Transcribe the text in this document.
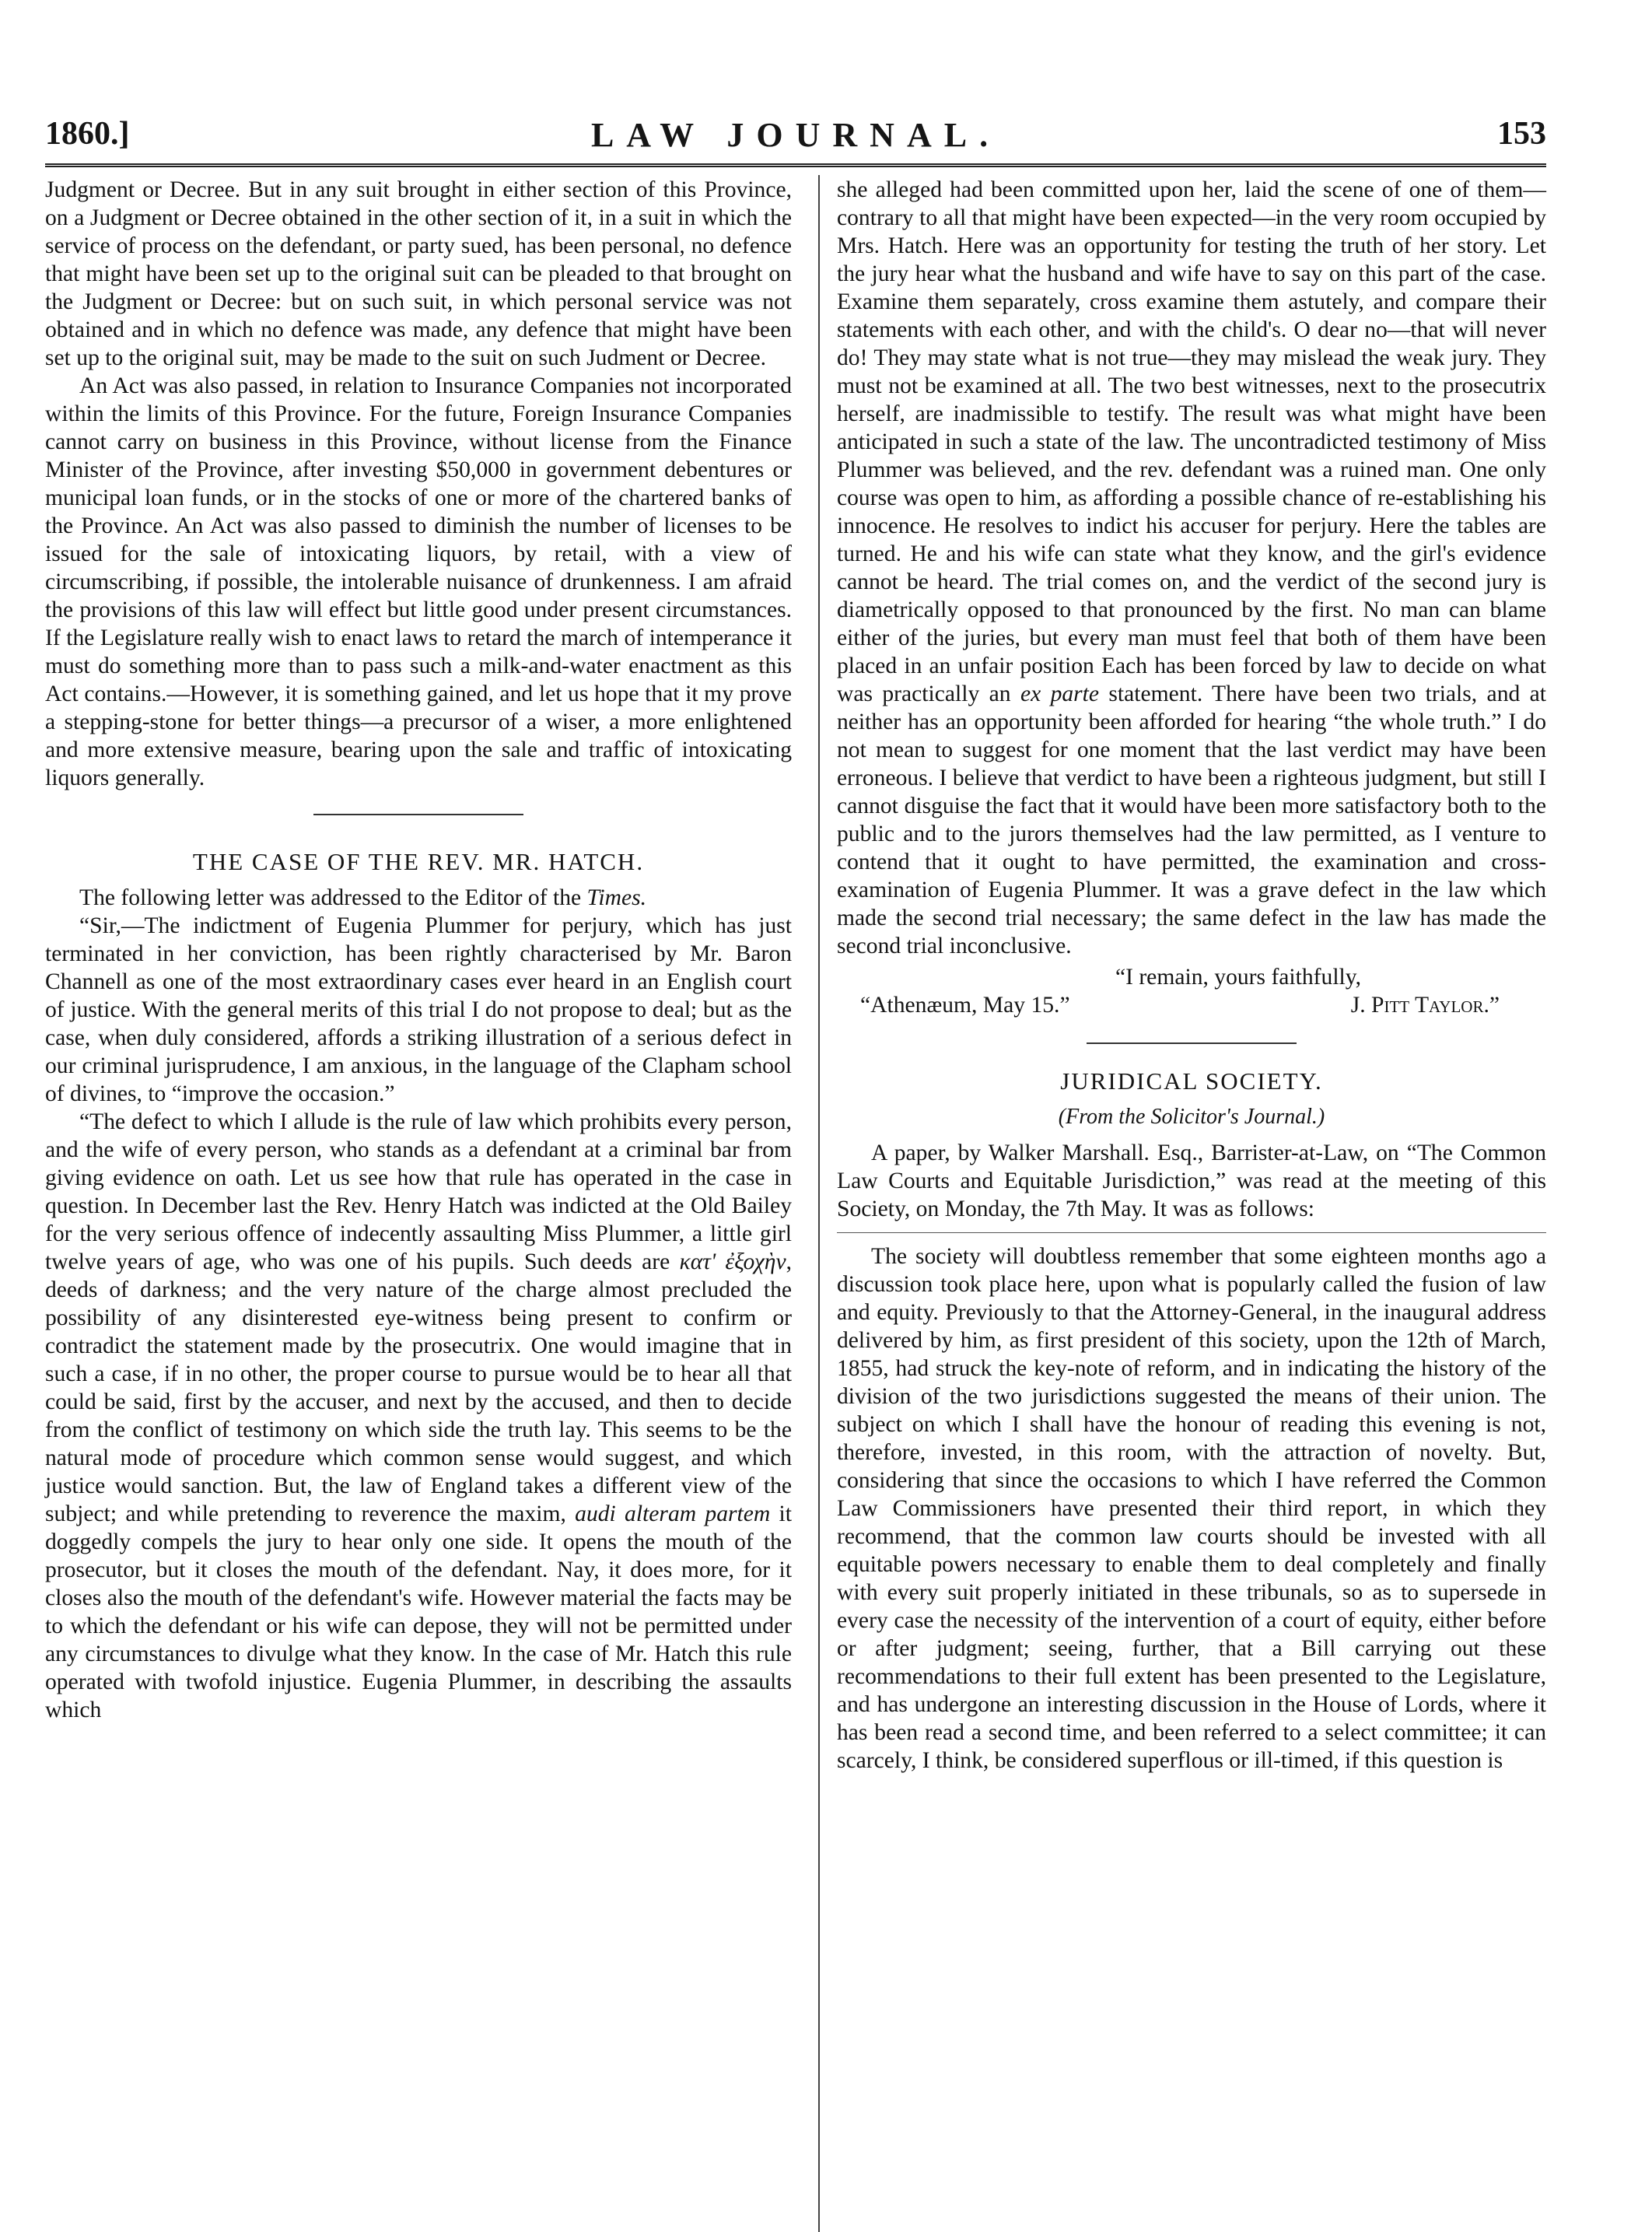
1860.]	LAW JOURNAL.	153

Judgment or Decree. But in any suit brought in either section of this Province, on a Judgment or Decree obtained in the other section of it, in a suit in which the service of process on the defendant, or party sued, has been personal, no defence that might have been set up to the original suit can be pleaded to that brought on the Judgment or Decree: but on such suit, in which personal service was not obtained and in which no defence was made, any defence that might have been set up to the original suit, may be made to the suit on such Judment or Decree.

An Act was also passed, in relation to Insurance Companies not incorporated within the limits of this Province. For the future, Foreign Insurance Companies cannot carry on business in this Province, without license from the Finance Minister of the Province, after investing $50,000 in government debentures or municipal loan funds, or in the stocks of one or more of the chartered banks of the Province. An Act was also passed to diminish the number of licenses to be issued for the sale of intoxicating liquors, by retail, with a view of circumscribing, if possible, the intolerable nuisance of drunkenness. I am afraid the provisions of this law will effect but little good under present circumstances. If the Legislature really wish to enact laws to retard the march of intemperance it must do something more than to pass such a milk-and-water enactment as this Act contains.—However, it is something gained, and let us hope that it my prove a stepping-stone for better things—a precursor of a wiser, a more enlightened and more extensive measure, bearing upon the sale and traffic of intoxicating liquors generally.

THE CASE OF THE REV. MR. HATCH.

The following letter was addressed to the Editor of the Times.

“Sir,—The indictment of Eugenia Plummer for perjury, which has just terminated in her conviction, has been rightly characterised by Mr. Baron Channell as one of the most extraordinary cases ever heard in an English court of justice. With the general merits of this trial I do not propose to deal; but as the case, when duly considered, affords a striking illustration of a serious defect in our criminal jurisprudence, I am anxious, in the language of the Clapham school of divines, to “improve the occasion.”

“The defect to which I allude is the rule of law which prohibits every person, and the wife of every person, who stands as a defendant at a criminal bar from giving evidence on oath. Let us see how that rule has operated in the case in question. In December last the Rev. Henry Hatch was indicted at the Old Bailey for the very serious offence of indecently assaulting Miss Plummer, a little girl twelve years of age, who was one of his pupils. Such deeds are κατ' ἐξοχὴν, deeds of darkness; and the very nature of the charge almost precluded the possibility of any disinterested eye-witness being present to confirm or contradict the statement made by the prosecutrix. One would imagine that in such a case, if in no other, the proper course to pursue would be to hear all that could be said, first by the accuser, and next by the accused, and then to decide from the conflict of testimony on which side the truth lay. This seems to be the natural mode of procedure which common sense would suggest, and which justice would sanction. But, the law of England takes a different view of the subject; and while pretending to reverence the maxim, audi alteram partem it doggedly compels the jury to hear only one side. It opens the mouth of the prosecutor, but it closes the mouth of the defendant. Nay, it does more, for it closes also the mouth of the defendant's wife. However material the facts may be to which the defendant or his wife can depose, they will not be permitted under any circumstances to divulge what they know. In the case of Mr. Hatch this rule operated with twofold injustice. Eugenia Plummer, in describing the assaults which

she alleged had been committed upon her, laid the scene of one of them—contrary to all that might have been expected—in the very room occupied by Mrs. Hatch. Here was an opportunity for testing the truth of her story. Let the jury hear what the husband and wife have to say on this part of the case. Examine them separately, cross examine them astutely, and compare their statements with each other, and with the child's. O dear no—that will never do! They may state what is not true—they may mislead the weak jury. They must not be examined at all. The two best witnesses, next to the prosecutrix herself, are inadmissible to testify. The result was what might have been anticipated in such a state of the law. The uncontradicted testimony of Miss Plummer was believed, and the rev. defendant was a ruined man. One only course was open to him, as affording a possible chance of re-establishing his innocence. He resolves to indict his accuser for perjury. Here the tables are turned. He and his wife can state what they know, and the girl's evidence cannot be heard. The trial comes on, and the verdict of the second jury is diametrically opposed to that pronounced by the first. No man can blame either of the juries, but every man must feel that both of them have been placed in an unfair position Each has been forced by law to decide on what was practically an ex parte statement. There have been two trials, and at neither has an opportunity been afforded for hearing “the whole truth.” I do not mean to suggest for one moment that the last verdict may have been erroneous. I believe that verdict to have been a righteous judgment, but still I cannot disguise the fact that it would have been more satisfactory both to the public and to the jurors themselves had the law permitted, as I venture to contend that it ought to have permitted, the examination and cross-examination of Eugenia Plummer. It was a grave defect in the law which made the second trial necessary; the same defect in the law has made the second trial inconclusive.

“I remain, yours faithfully,
“Athenæum, May 15.”	J. Pitt Taylor.”
JURIDICAL SOCIETY.
(From the Solicitor's Journal.)

A paper, by Walker Marshall. Esq., Barrister-at-Law, on “The Common Law Courts and Equitable Jurisdiction,” was read at the meeting of this Society, on Monday, the 7th May. It was as follows:

The society will doubtless remember that some eighteen months ago a discussion took place here, upon what is popularly called the fusion of law and equity. Previously to that the Attorney-General, in the inaugural address delivered by him, as first president of this society, upon the 12th of March, 1855, had struck the key-note of reform, and in indicating the history of the division of the two jurisdictions suggested the means of their union. The subject on which I shall have the honour of reading this evening is not, therefore, invested, in this room, with the attraction of novelty. But, considering that since the occasions to which I have referred the Common Law Commissioners have presented their third report, in which they recommend, that the common law courts should be invested with all equitable powers necessary to enable them to deal completely and finally with every suit properly initiated in these tribunals, so as to supersede in every case the necessity of the intervention of a court of equity, either before or after judgment; seeing, further, that a Bill carrying out these recommendations to their full extent has been presented to the Legislature, and has undergone an interesting discussion in the House of Lords, where it has been read a second time, and been referred to a select committee; it can scarcely, I think, be considered superflous or ill-timed, if this question is
